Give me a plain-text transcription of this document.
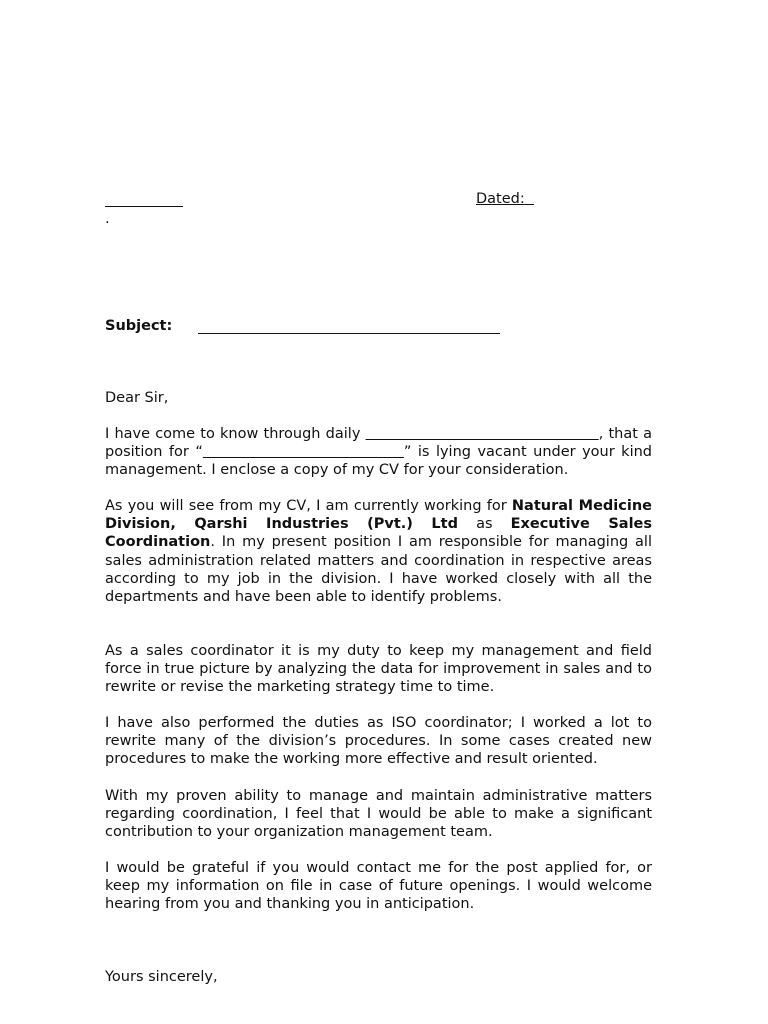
.
Dated:
Subject:
Dear Sir,

I have come to know through daily	, that a position for “	” is lying vacant under your kind management. I enclose a copy of my CV for your consideration.

As you will see from my CV, I am currently working for Natural Medicine Division, Qarshi Industries (Pvt.) Ltd as Executive Sales Coordination. In my present position I am responsible for managing all sales administration related matters and coordination in respective areas according to my job in the division. I have worked closely with all the departments and have been able to identify problems.

As a sales coordinator it is my duty to keep my management and field force in true picture by analyzing the data for improvement in sales and to rewrite or revise the marketing strategy time to time.

I have also performed the duties as ISO coordinator; I worked a lot to rewrite many of the division’s procedures. In some cases created new procedures to make the working more effective and result oriented.

With my proven ability to manage and maintain administrative matters regarding coordination, I feel that I would be able to make a significant contribution to your organization management team.

I would be grateful if you would contact me for the post applied for, or keep my information on file in case of future openings. I would welcome hearing from you and thanking you in anticipation.

Yours sincerely,
